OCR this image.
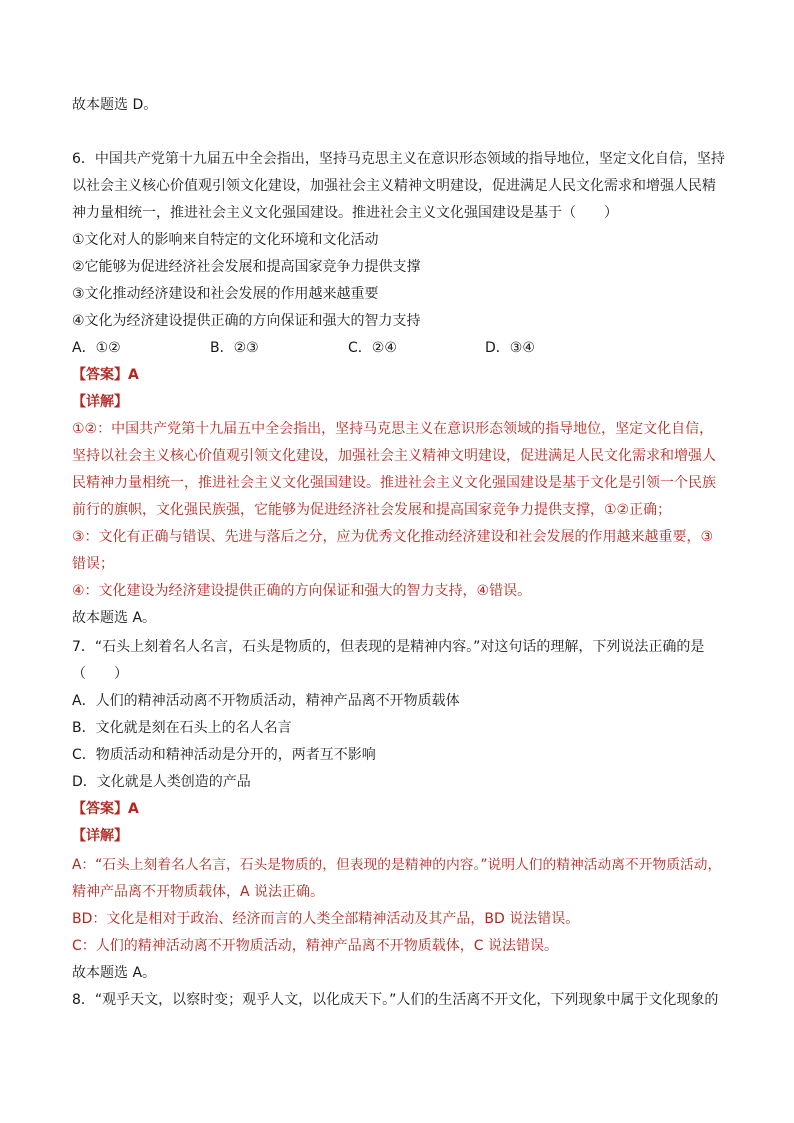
故本题选 D。
6．中国共产党第十九届五中全会指出，坚持马克思主义在意识形态领域的指导地位，坚定文化自信，坚持
以社会主义核心价值观引领文化建设，加强社会主义精神文明建设，促进满足人民文化需求和增强人民精
神力量相统一，推进社会主义文化强国建设。推进社会主义文化强国建设是基于（　　）
①文化对人的影响来自特定的文化环境和文化活动
②它能够为促进经济社会发展和提高国家竞争力提供支撑
③文化推动经济建设和社会发展的作用越来越重要
④文化为经济建设提供正确的方向保证和强大的智力支持
A．①②	B．②③	C．②④	D．③④
【答案】A
【详解】
①②：中国共产党第十九届五中全会指出，坚持马克思主义在意识形态领域的指导地位，坚定文化自信，
坚持以社会主义核心价值观引领文化建设，加强社会主义精神文明建设，促进满足人民文化需求和增强人
民精神力量相统一，推进社会主义文化强国建设。推进社会主义文化强国建设是基于文化是引领一个民族
前行的旗帜，文化强民族强，它能够为促进经济社会发展和提高国家竞争力提供支撑，①②正确；
③：文化有正确与错误、先进与落后之分，应为优秀文化推动经济建设和社会发展的作用越来越重要，③
错误；
④：文化建设为经济建设提供正确的方向保证和强大的智力支持，④错误。
故本题选 A。
7．“石头上刻着名人名言，石头是物质的，但表现的是精神内容。”对这句话的理解，下列说法正确的是
（　　）
A．人们的精神活动离不开物质活动，精神产品离不开物质载体
B．文化就是刻在石头上的名人名言
C．物质活动和精神活动是分开的，两者互不影响
D．文化就是人类创造的产品
【答案】A
【详解】
A：“石头上刻着名人名言，石头是物质的，但表现的是精神的内容。”说明人们的精神活动离不开物质活动，
精神产品离不开物质载体，A 说法正确。
BD：文化是相对于政治、经济而言的人类全部精神活动及其产品，BD 说法错误。
C：人们的精神活动离不开物质活动，精神产品离不开物质载体，C 说法错误。
故本题选 A。
8．“观乎天文，以察时变；观乎人文，以化成天下。”人们的生活离不开文化，下列现象中属于文化现象的
